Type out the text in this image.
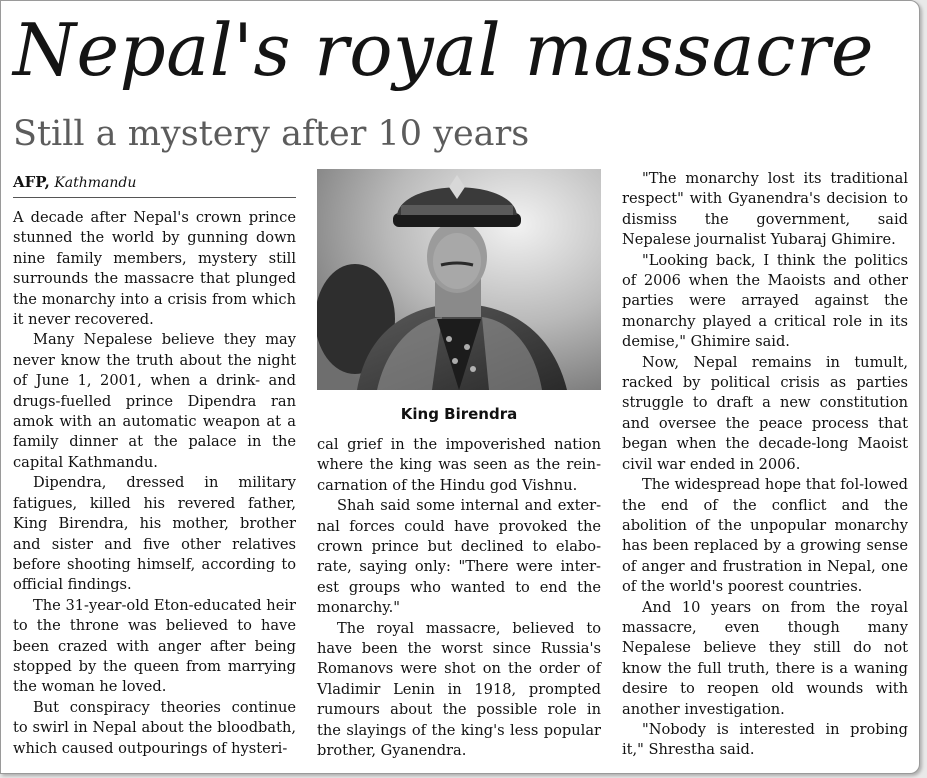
Nepal's royal massacre
Still a mystery after 10 years
AFP, Kathmandu

A decade after Nepal's crown prince stunned the world by gunning down nine family members, mystery still surrounds the massacre that plunged the monarchy into a crisis from which it never recovered.

Many Nepalese believe they may never know the truth about the night of June 1, 2001, when a drink- and drugs-fuelled prince Dipendra ran amok with an automatic weapon at a family dinner at the palace in the capital Kathmandu.

Dipendra, dressed in military fatigues, killed his revered father, King Birendra, his mother, brother and sister and five other relatives before shooting himself, according to official findings.

The 31-year-old Eton-educated heir to the throne was believed to have been crazed with anger after being stopped by the queen from marrying the woman he loved.

But conspiracy theories continue to swirl in Nepal about the bloodbath, which caused outpourings of hysteri-

King Birendra

cal grief in the impoverished nation where the king was seen as the rein-carnation of the Hindu god Vishnu.

Shah said some internal and exter-nal forces could have provoked the crown prince but declined to elabo-rate, saying only: "There were inter-est groups who wanted to end the monarchy."

The royal massacre, believed to have been the worst since Russia's Romanovs were shot on the order of Vladimir Lenin in 1918, prompted rumours about the possible role in the slayings of the king's less popular brother, Gyanendra.

"The monarchy lost its traditional respect" with Gyanendra's decision to dismiss the government, said Nepalese journalist Yubaraj Ghimire.

"Looking back, I think the politics of 2006 when the Maoists and other parties were arrayed against the monarchy played a critical role in its demise," Ghimire said.

Now, Nepal remains in tumult, racked by political crisis as parties struggle to draft a new constitution and oversee the peace process that began when the decade-long Maoist civil war ended in 2006.

The widespread hope that fol-lowed the end of the conflict and the abolition of the unpopular monarchy has been replaced by a growing sense of anger and frustration in Nepal, one of the world's poorest countries.

And 10 years on from the royal massacre, even though many Nepalese believe they still do not know the full truth, there is a waning desire to reopen old wounds with another investigation.

"Nobody is interested in probing it," Shrestha said.
